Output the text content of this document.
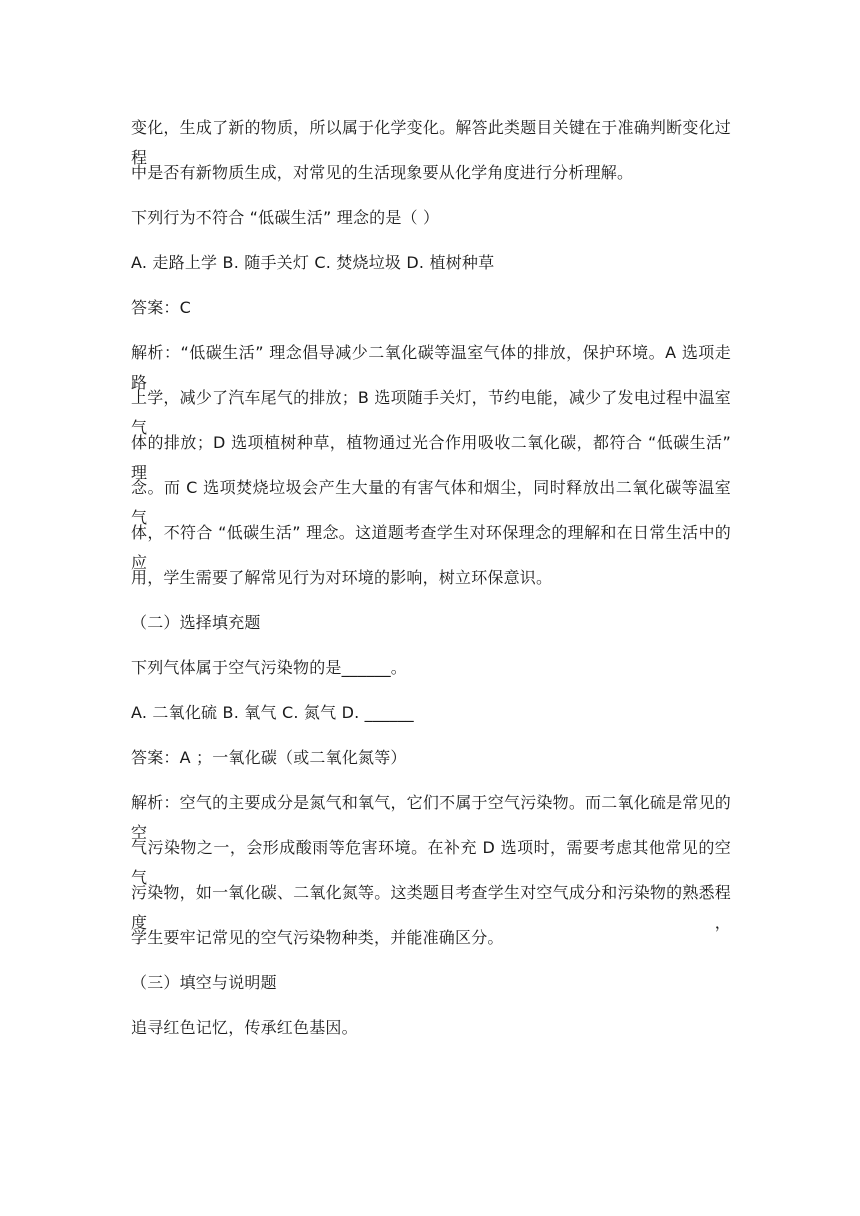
变化，生成了新的物质，所以属于化学变化。解答此类题目关键在于准确判断变化过程

中是否有新物质生成，对常见的生活现象要从化学角度进行分析理解。

下列行为不符合 “低碳生活” 理念的是（ ）

A. 走路上学 B. 随手关灯 C. 焚烧垃圾 D. 植树种草

答案：C

解析：“低碳生活” 理念倡导减少二氧化碳等温室气体的排放，保护环境。A 选项走路

上学，减少了汽车尾气的排放；B 选项随手关灯，节约电能，减少了发电过程中温室气

体的排放；D 选项植树种草，植物通过光合作用吸收二氧化碳，都符合 “低碳生活” 理

念。而 C 选项焚烧垃圾会产生大量的有害气体和烟尘，同时释放出二氧化碳等温室气

体，不符合 “低碳生活” 理念。这道题考查学生对环保理念的理解和在日常生活中的应

用，学生需要了解常见行为对环境的影响，树立环保意识。

（二）选择填充题

下列气体属于空气污染物的是______。

A. 二氧化硫 B. 氧气 C. 氮气 D. ______

答案：A ；一氧化碳（或二氧化氮等）

解析：空气的主要成分是氮气和氧气，它们不属于空气污染物。而二氧化硫是常见的空

气污染物之一，会形成酸雨等危害环境。在补充 D 选项时，需要考虑其他常见的空气

污染物，如一氧化碳、二氧化氮等。这类题目考查学生对空气成分和污染物的熟悉程度，

学生要牢记常见的空气污染物种类，并能准确区分。

（三）填空与说明题

追寻红色记忆，传承红色基因。
